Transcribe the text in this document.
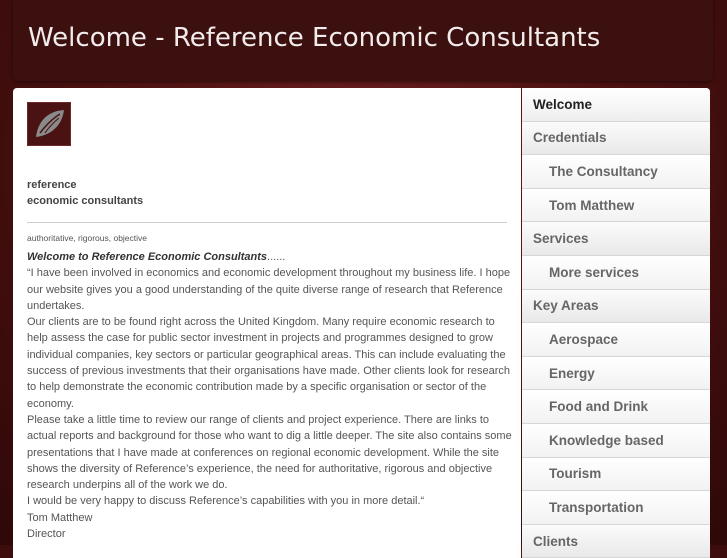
Welcome - Reference Economic Consultants
reference
economic consultants
authoritative, rigorous, objective

Welcome to Reference Economic Consultants......

“I have been involved in economics and economic development throughout my business life. I hope our website gives you a good understanding of the quite diverse range of research that Reference undertakes.

Our clients are to be found right across the United Kingdom. Many require economic research to help assess the case for public sector investment in projects and programmes designed to grow individual companies, key sectors or particular geographical areas. This can include evaluating the success of previous investments that their organisations have made. Other clients look for research to help demonstrate the economic contribution made by a specific organisation or sector of the economy.

Please take a little time to review our range of clients and project experience. There are links to actual reports and background for those who want to dig a little deeper. The site also contains some presentations that I have made at conferences on regional economic development. While the site shows the diversity of Reference’s experience, the need for authoritative, rigorous and objective research underpins all of the work we do.

I would be very happy to discuss Reference’s capabilities with you in more detail.“

Tom Matthew

Director

Welcome
Credentials
The Consultancy
Tom Matthew
Services
More services
Key Areas
Aerospace
Energy
Food and Drink
Knowledge based
Tourism
Transportation
Clients
